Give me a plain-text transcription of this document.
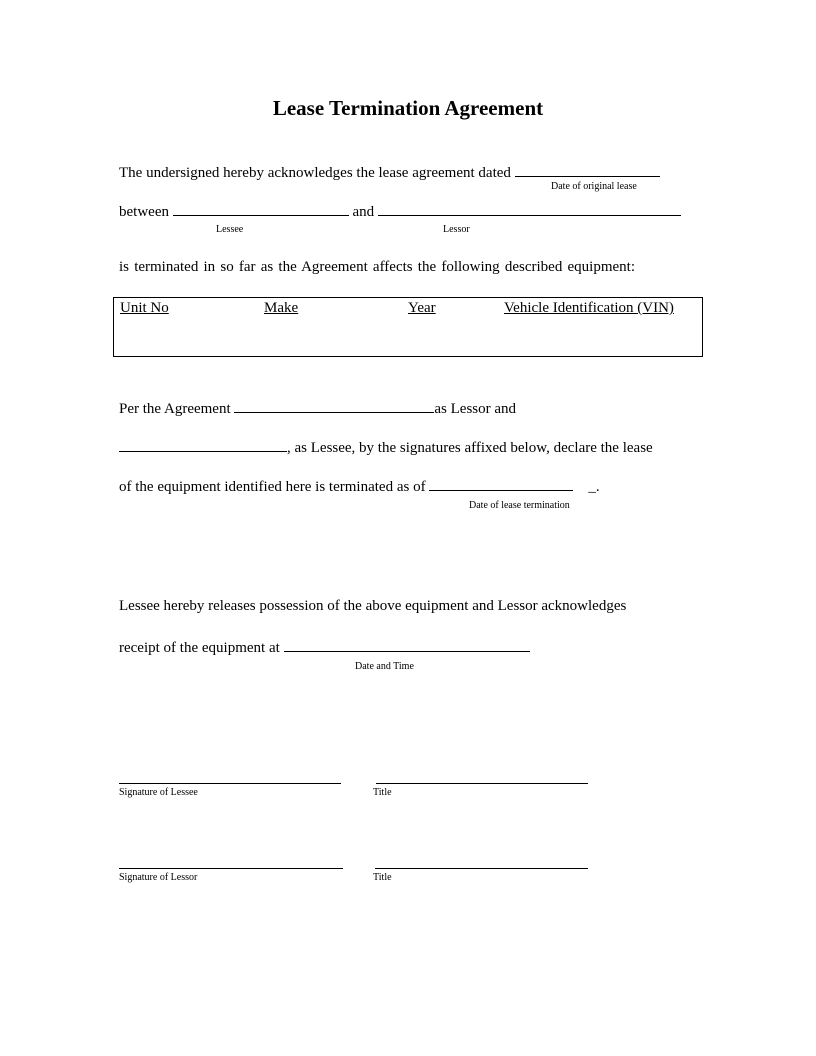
Lease Termination Agreement
The undersigned hereby acknowledges the lease agreement dated
Date of original lease
between	and
Lessee	Lessor
is terminated in so far as the Agreement affects the following described equipment:
Unit No	Make	Year	Vehicle Identification (VIN)
Per the Agreement	as Lessor and
, as Lessee, by the signatures affixed below, declare the lease
of the equipment identified here is terminated as of	_.
Date of lease termination
Lessee hereby releases possession of the above equipment and Lessor acknowledges
receipt of the equipment at
Date and Time
Signature of Lessee	Title
Signature of Lessor	Title
